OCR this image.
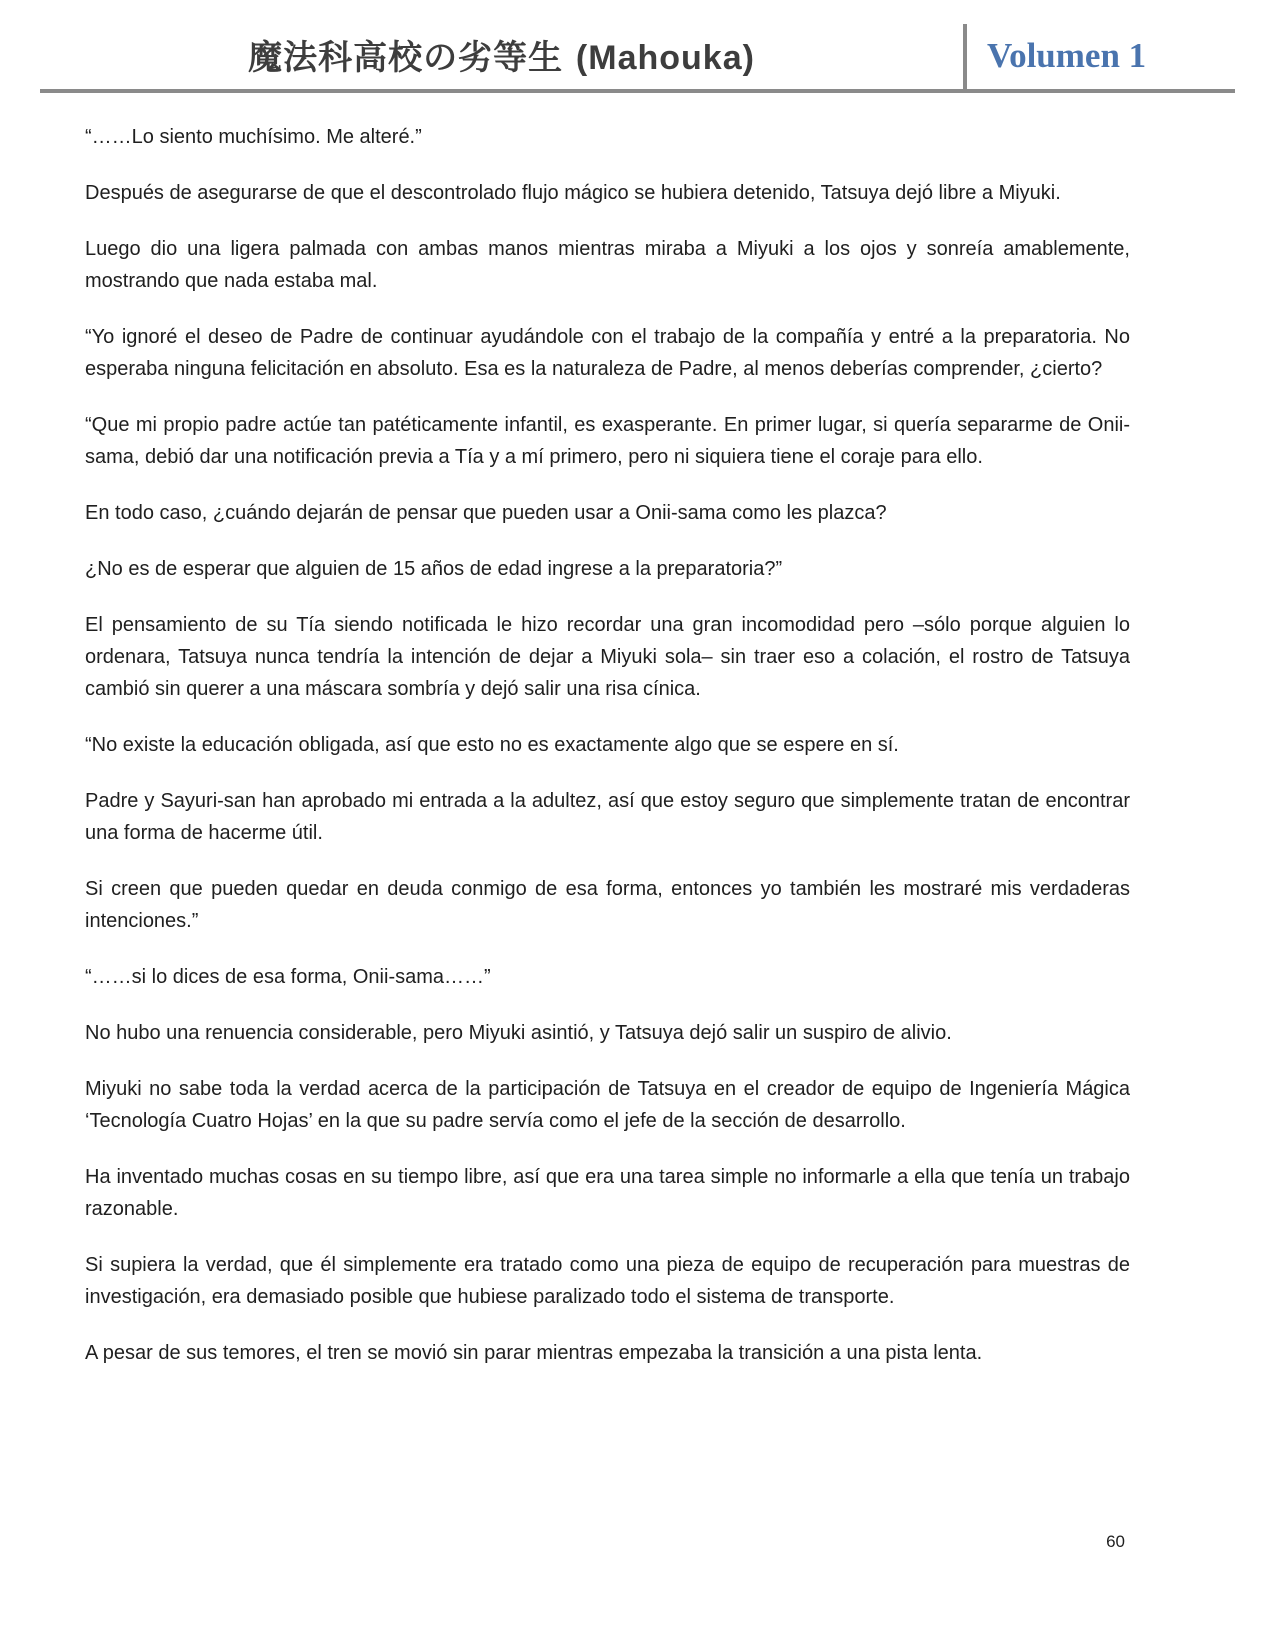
魔法科高校の劣等生 (Mahouka)	Volumen 1

“……Lo siento muchísimo. Me alteré.”

Después de asegurarse de que el descontrolado flujo mágico se hubiera detenido, Tatsuya dejó libre a Miyuki.

Luego dio una ligera palmada con ambas manos mientras miraba a Miyuki a los ojos y sonreía amablemente, mostrando que nada estaba mal.

“Yo ignoré el deseo de Padre de continuar ayudándole con el trabajo de la compañía y entré a la preparatoria. No esperaba ninguna felicitación en absoluto. Esa es la naturaleza de Padre, al menos deberías comprender, ¿cierto?

“Que mi propio padre actúe tan patéticamente infantil, es exasperante. En primer lugar, si quería separarme de Onii-sama, debió dar una notificación previa a Tía y a mí primero, pero ni siquiera tiene el coraje para ello.

En todo caso, ¿cuándo dejarán de pensar que pueden usar a Onii-sama como les plazca?

¿No es de esperar que alguien de 15 años de edad ingrese a la preparatoria?”

El pensamiento de su Tía siendo notificada le hizo recordar una gran incomodidad pero –sólo porque alguien lo ordenara, Tatsuya nunca tendría la intención de dejar a Miyuki sola– sin traer eso a colación, el rostro de Tatsuya cambió sin querer a una máscara sombría y dejó salir una risa cínica.

“No existe la educación obligada, así que esto no es exactamente algo que se espere en sí.

Padre y Sayuri-san han aprobado mi entrada a la adultez, así que estoy seguro que simplemente tratan de encontrar una forma de hacerme útil.

Si creen que pueden quedar en deuda conmigo de esa forma, entonces yo también les mostraré mis verdaderas intenciones.”

“……si lo dices de esa forma, Onii-sama……”

No hubo una renuencia considerable, pero Miyuki asintió, y Tatsuya dejó salir un suspiro de alivio.

Miyuki no sabe toda la verdad acerca de la participación de Tatsuya en el creador de equipo de Ingeniería Mágica ‘Tecnología Cuatro Hojas’ en la que su padre servía como el jefe de la sección de desarrollo.

Ha inventado muchas cosas en su tiempo libre, así que era una tarea simple no informarle a ella que tenía un trabajo razonable.

Si supiera la verdad, que él simplemente era tratado como una pieza de equipo de recuperación para muestras de investigación, era demasiado posible que hubiese paralizado todo el sistema de transporte.

A pesar de sus temores, el tren se movió sin parar mientras empezaba la transición a una pista lenta.

60
